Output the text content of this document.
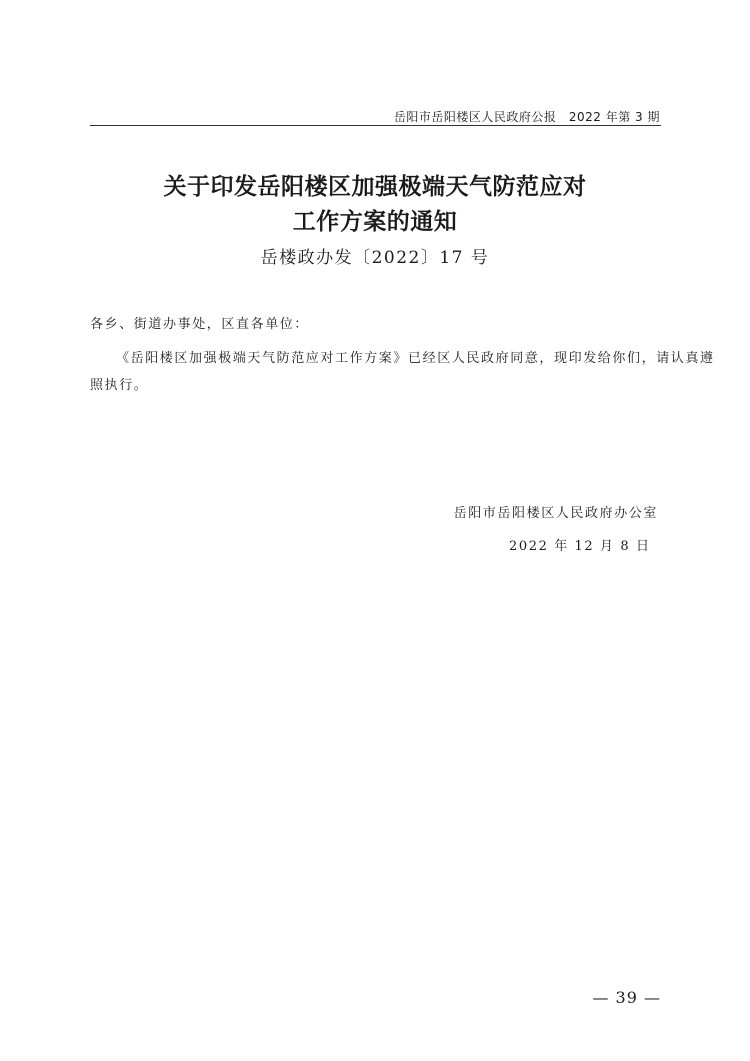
岳阳市岳阳楼区人民政府公报　2022 年第 3 期
关于印发岳阳楼区加强极端天气防范应对
工作方案的通知
岳楼政办发〔2022〕17 号
各乡、街道办事处，区直各单位：
《岳阳楼区加强极端天气防范应对工作方案》已经区人民政府同意，现印发给你们，请认真遵
照执行。
岳阳市岳阳楼区人民政府办公室
2022 年 12 月 8 日
— 39 —
